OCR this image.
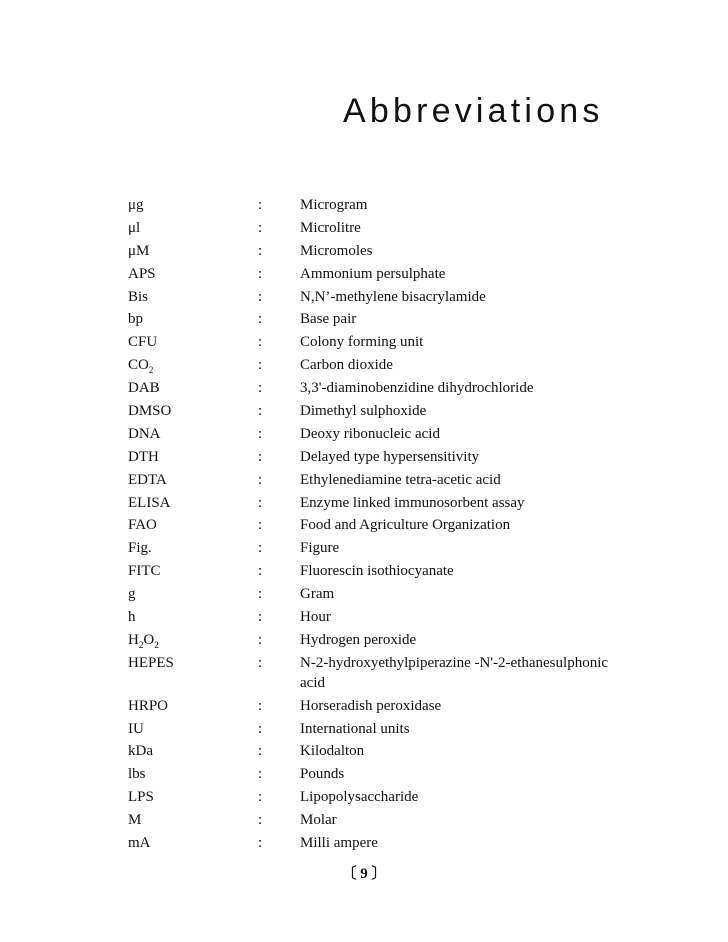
Abbreviations
μg	:	Microgram
μl	:	Microlitre
μM	:	Micromoles
APS	:	Ammonium persulphate
Bis	:	N,N’-methylene bisacrylamide
bp	:	Base pair
CFU	:	Colony forming unit
$CO_2$	:	Carbon dioxide
DAB	:	3,3'-diaminobenzidine dihydrochloride
DMSO	:	Dimethyl sulphoxide
DNA	:	Deoxy ribonucleic acid
DTH	:	Delayed type hypersensitivity
EDTA	:	Ethylenediamine tetra-acetic acid
ELISA	:	Enzyme linked immunosorbent assay
FAO	:	Food and Agriculture Organization
Fig.	:	Figure
FITC	:	Fluorescin isothiocyanate
g	:	Gram
h	:	Hour
$H_2O_2$	:	Hydrogen peroxide
HEPES	:	N-2-hydroxyethylpiperazine -N'-2-ethanesulphonic acid
HRPO	:	Horseradish peroxidase
IU	:	International units
kDa	:	Kilodalton
lbs	:	Pounds
LPS	:	Lipopolysaccharide
M	:	Molar
mA	:	Milli ampere
〔 9 〕
